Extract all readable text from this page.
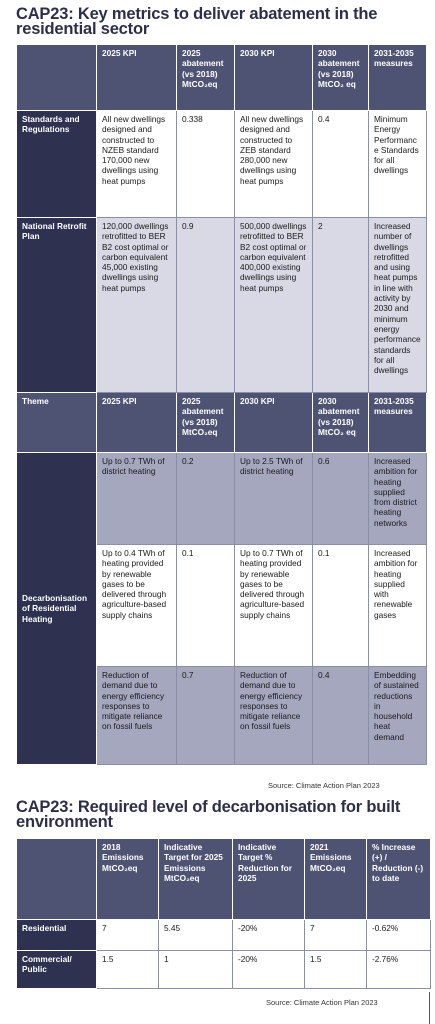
CAP23: Key metrics to deliver abatement in the residential sector
	2025 KPI	2025 abatement (vs 2018) MtCO₂eq	2030 KPI	2030 abatement (vs 2018) MtCO₂ eq	2031-2035 measures
Standards and Regulations	All new dwellings designed and constructed to NZEB standard 170,000 new dwellings using heat pumps	0.338	All new dwellings designed and constructed to ZEB standard 280,000 new dwellings using heat pumps	0.4	Minimum Energy Performance Standards for all dwellings
National Retrofit Plan	120,000 dwellings retrofitted to BER B2 cost optimal or carbon equivalent 45,000 existing dwellings using heat pumps	0.9	500,000 dwellings retrofitted to BER B2 cost optimal or carbon equivalent 400,000 existing dwellings using heat pumps	2	Increased number of dwellings retrofitted and using heat pumps in line with activity by 2030 and minimum energy performance standards for all dwellings
Theme	2025 KPI	2025 abatement (vs 2018) MtCO₂eq	2030 KPI	2030 abatement (vs 2018) MtCO₂ eq	2031-2035 measures
Decarbonisation of Residential Heating	Up to 0.7 TWh of district heating	0.2	Up to 2.5 TWh of district heating	0.6	Increased ambition for heating supplied from district heating networks
	Up to 0.4 TWh of heating provided by renewable gases to be delivered through agriculture-based supply chains	0.1	Up to 0.7 TWh of heating provided by renewable gases to be delivered through agriculture-based supply chains	0.1	Increased ambition for heating supplied with renewable gases
	Reduction of demand due to energy efficiency responses to mitigate reliance on fossil fuels	0.7	Reduction of demand due to energy efficiency responses to mitigate reliance on fossil fuels	0.4	Embedding of sustained reductions in household heat demand
Source: Climate Action Plan 2023
CAP23: Required level of decarbonisation for built environment
	2018 Emissions MtCO₂eq	Indicative Target for 2025 Emissions MtCO₂eq	Indicative Target % Reduction for 2025	2021 Emissions MtCO₂eq	% Increase (+) / Reduction (-) to date
Residential	7	5.45	-20%	7	-0.62%
Commercial/ Public	1.5	1	-20%	1.5	-2.76%
Source: Climate Action Plan 2023
